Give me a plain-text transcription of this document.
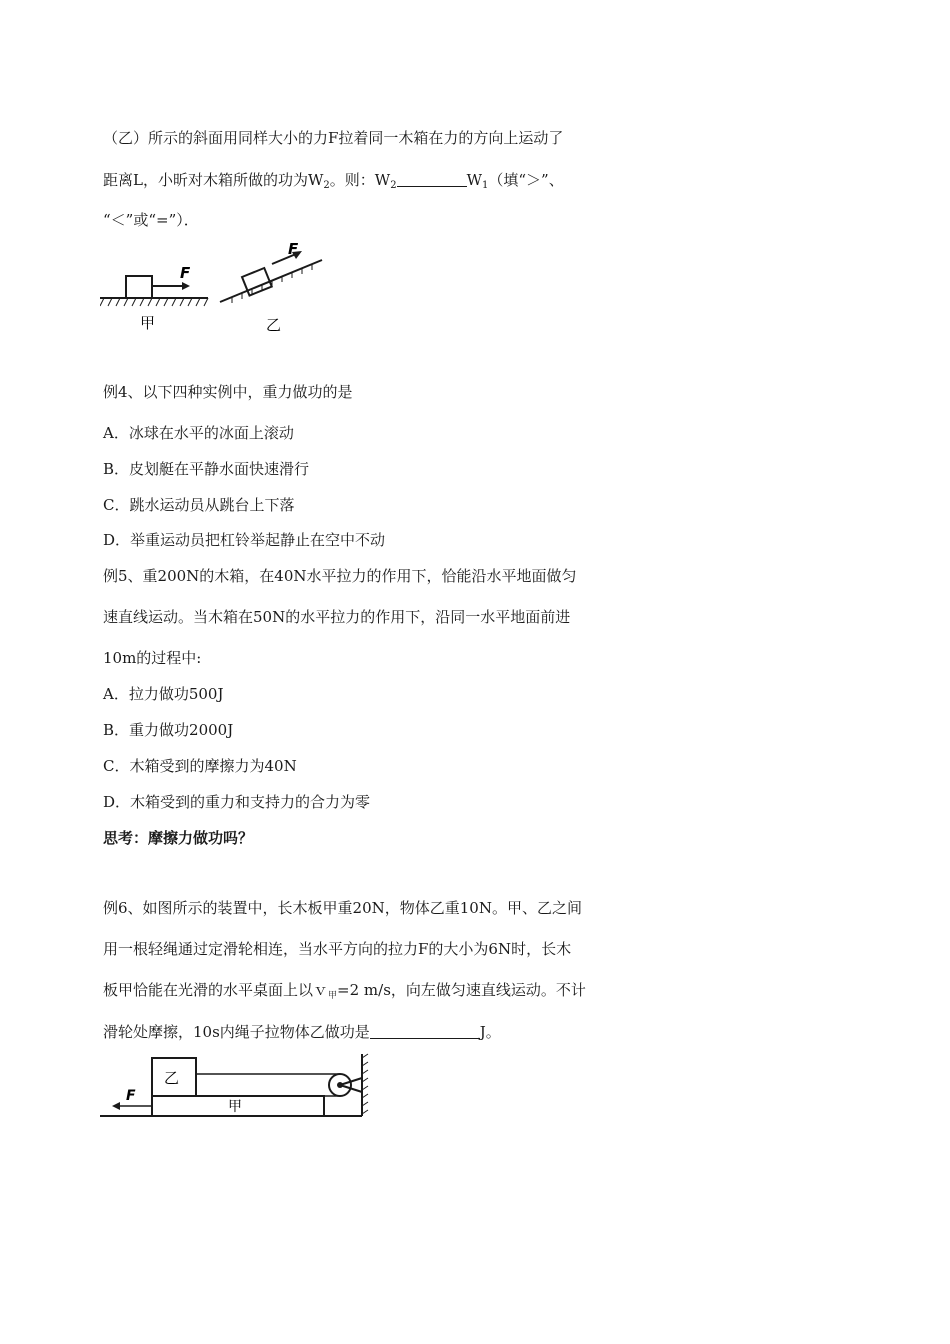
（乙）所示的斜面用同样大小的力F拉着同一木箱在力的方向上运动了
距离L，小昕对木箱所做的功为$W_2$。则：$W_2$	$W_1$（填“＞”、
“＜”或“=”）．
F
甲
F
乙
例4、以下四种实例中，重力做功的是
A．冰球在水平的冰面上滚动
B．皮划艇在平静水面快速滑行
C．跳水运动员从跳台上下落
D．举重运动员把杠铃举起静止在空中不动
例5、重200N的木箱，在40N水平拉力的作用下，恰能沿水平地面做匀
速直线运动。当木箱在50N的水平拉力的作用下，沿同一水平地面前进
10m的过程中:
A．拉力做功500J
B．重力做功2000J
C．木箱受到的摩擦力为40N
D．木箱受到的重力和支持力的合力为零
思考：摩擦力做功吗？
例6、如图所示的装置中，长木板甲重20N，物体乙重10N。甲、乙之间
用一根轻绳通过定滑轮相连，当水平方向的拉力F的大小为6N时，长木
板甲恰能在光滑的水平桌面上以ｖ$_甲$=2 m/s，向左做匀速直线运动。不计
滑轮处摩擦，10s内绳子拉物体乙做功是	J。
甲
乙
F
